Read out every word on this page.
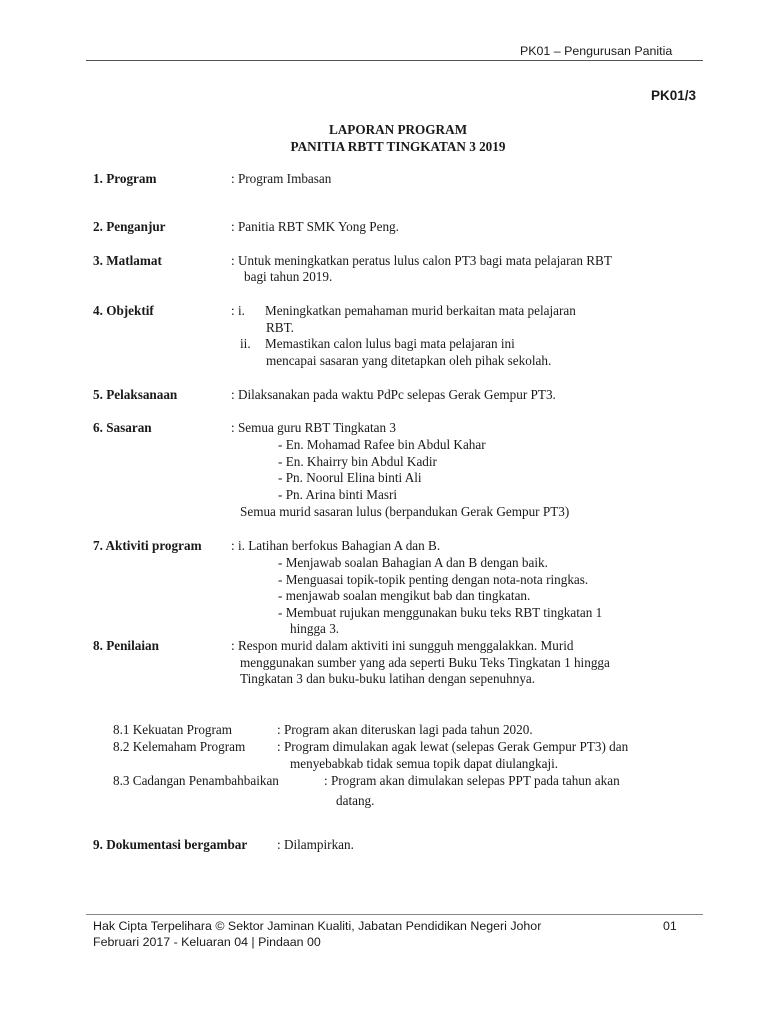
PK01 – Pengurusan Panitia
PK01/3
LAPORAN PROGRAM
PANITIA RBTT TINGKATAN 3 2019
1. Program	: Program Imbasan
2. Penganjur	: Panitia RBT SMK Yong Peng.
3. Matlamat	: Untuk meningkatkan peratus lulus calon PT3 bagi mata pelajaran RBT
bagi tahun 2019.
4. Objektif	: i. Meningkatkan pemahaman murid berkaitan mata pelajaran
RBT.
ii. Memastikan calon lulus bagi mata pelajaran ini
mencapai sasaran yang ditetapkan oleh pihak sekolah.
5. Pelaksanaan	: Dilaksanakan pada waktu PdPc selepas Gerak Gempur PT3.
6. Sasaran	: Semua guru RBT Tingkatan 3
- En. Mohamad Rafee bin Abdul Kahar
- En. Khairry bin Abdul Kadir
- Pn. Noorul Elina binti Ali
- Pn. Arina binti Masri
Semua murid sasaran lulus (berpandukan Gerak Gempur PT3)
7. Aktiviti program : i. Latihan berfokus Bahagian A dan B.
- Menjawab soalan Bahagian A dan B dengan baik.
- Menguasai topik-topik penting dengan nota-nota ringkas.
- menjawab soalan mengikut bab dan tingkatan.
- Membuat rujukan menggunakan buku teks RBT tingkatan 1
hingga 3.
8. Penilaian	: Respon murid dalam aktiviti ini sungguh menggalakkan. Murid
menggunakan sumber yang ada seperti Buku Teks Tingkatan 1 hingga
Tingkatan 3 dan buku-buku latihan dengan sepenuhnya.
8.1 Kekuatan Program	: Program akan diteruskan lagi pada tahun 2020.
8.2 Kelemaham Program : Program dimulakan agak lewat (selepas Gerak Gempur PT3) dan
menyebabkab tidak semua topik dapat diulangkaji.
8.3 Cadangan Penambahbaikan	: Program akan dimulakan selepas PPT pada tahun akan
datang.
9. Dokumentasi bergambar : Dilampirkan.
Hak Cipta Terpelihara © Sektor Jaminan Kualiti, Jabatan Pendidikan Negeri Johor	01
Februari 2017 - Keluaran 04 | Pindaan 00
